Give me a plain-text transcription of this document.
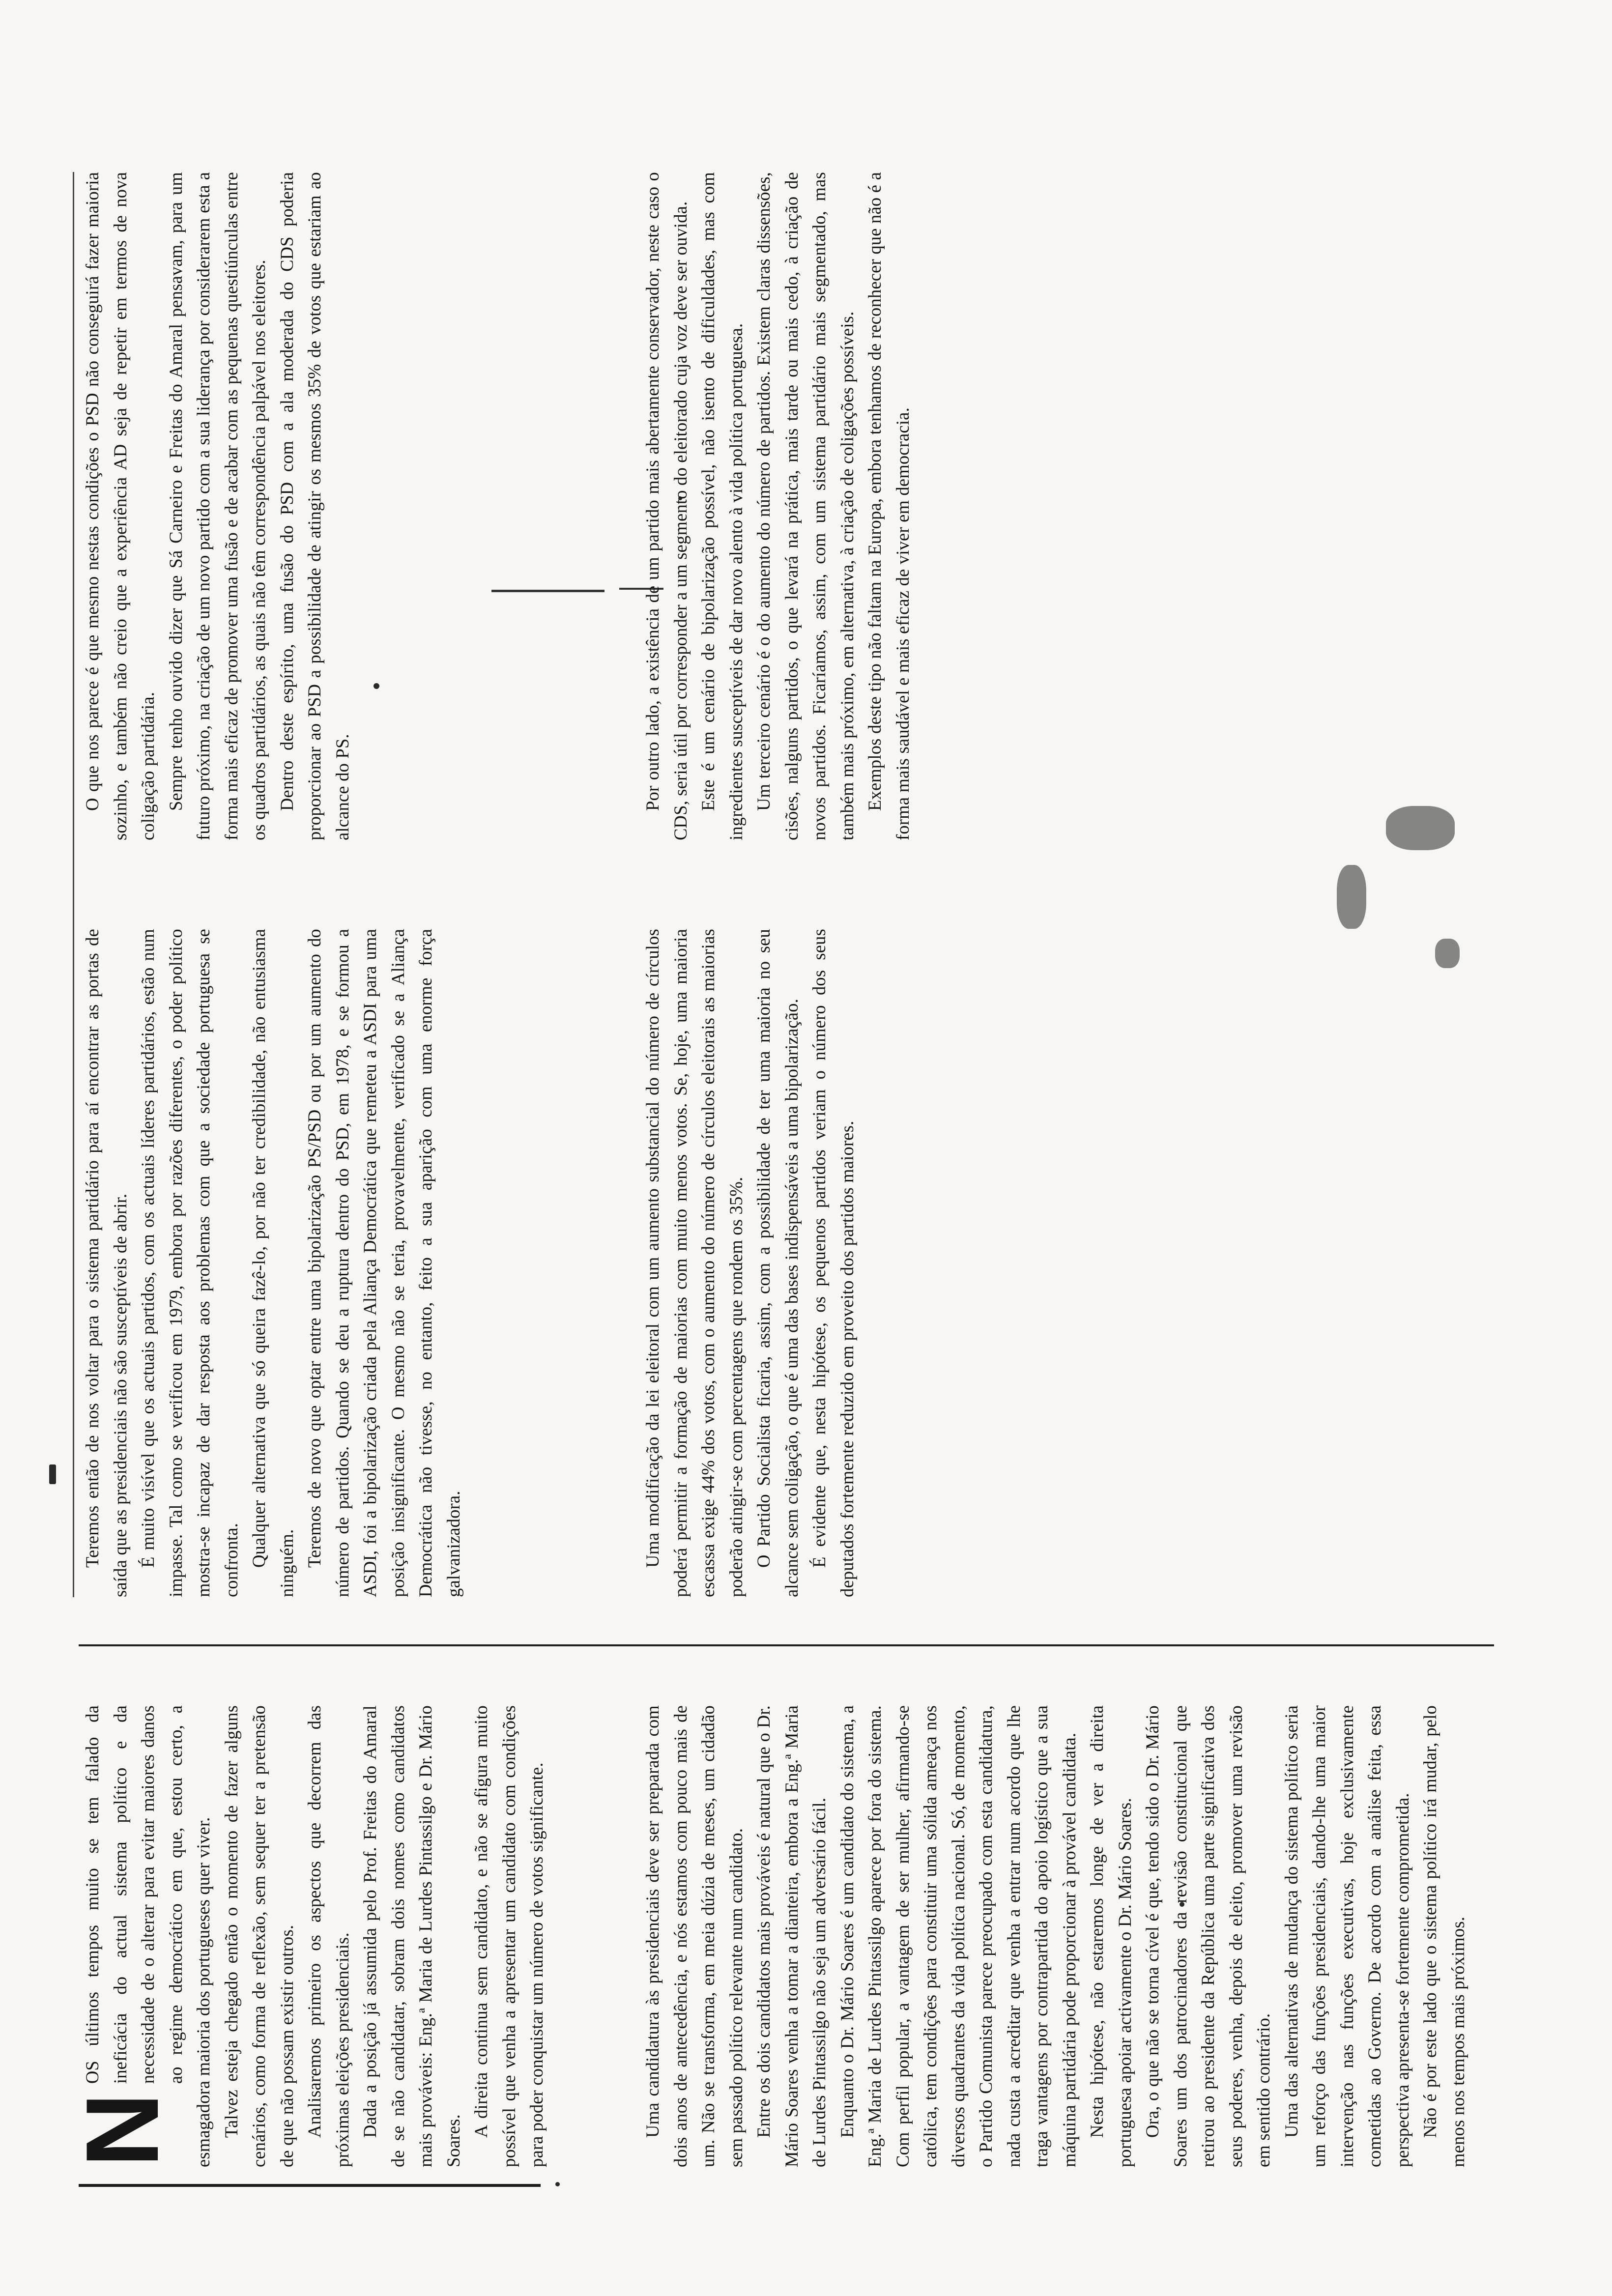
N

OS últimos tempos muito se tem falado da ineficácia do actual sistema político e da necessidade de o alterar para evitar maiores danos ao regime democrático em que, estou certo, a esmagadora maioria dos portugueses quer viver. Talvez esteja chegado então o momento de fazer alguns cenários, como forma de reflexão, sem sequer ter a pretensão de que não possam existir outros. Analisaremos primeiro os aspectos que decorrem das próximas eleições presidenciais. Dada a posição já assumida pelo Prof. Freitas do Amaral de se não candidatar, sobram dois nomes como candidatos mais prováveis: Eng.ª Maria de Lurdes Pintassilgo e Dr. Mário Soares.

A direita continua sem candidato, e não se afigura muito possível que venha a apresentar um candidato com condições para poder conquistar um número de votos significante.	Uma candidatura às presidenciais deve ser preparada com dois anos de antecedência, e nós estamos com pouco mais de um. Não se transforma, em meia dúzia de meses, um cidadão sem passado político relevante num candidato. Entre os dois candidatos mais prováveis é natural que o Dr. Mário Soares venha a tomar a dianteira, embora a Eng.ª Maria de Lurdes Pintassilgo não seja um adversário fácil. Enquanto o Dr. Mário Soares é um candidato do sistema, a Eng.ª Maria de Lurdes Pintassilgo aparece por fora do sistema. Com perfil popular, a vantagem de ser mulher, afirmando-se católica, tem condições para constituir uma sólida ameaça nos diversos quadrantes da vida política nacional. Só, de momento, o Partido Comunista parece preocupado com esta candidatura, nada custa a acreditar que venha a entrar num acordo que lhe traga vantagens por contrapartida do apoio logístico que a sua máquina partidária pode proporcionar à provável candidata. Nesta hipótese, não estaremos longe de ver a direita portuguesa apoiar activamente o Dr. Mário Soares. Ora, o que não se torna cível é que, tendo sido o Dr. Mário Soares um dos patrocinadores da revisão constitucional que retirou ao presidente da República uma parte significativa dos seus poderes, venha, depois de eleito, promover uma revisão em sentido contrário. Uma das alternativas de mudança do sistema político seria um reforço das funções presidenciais, dando-lhe uma maior intervenção nas funções executivas, hoje exclusivamente cometidas ao Governo. De acordo com a análise feita, essa perspectiva apresenta-se fortemente comprometida. Não é por este lado que o sistema político irá mudar, pelo menos nos tempos mais próximos.

Teremos então de nos voltar para o sistema partidário para aí encontrar as portas de saída que as presidenciais não são susceptíveis de abrir. É muito visível que os actuais partidos, com os actuais líderes partidários, estão num impasse. Tal como se verificou em 1979, embora por razões diferentes, o poder político mostra-se incapaz de dar resposta aos problemas com que a sociedade portuguesa se confronta. Qualquer alternativa que só queira fazê-lo, por não ter credibilidade, não entusiasma ninguém. Teremos de novo que optar entre uma bipolarização PS/PSD ou por um aumento do número de partidos. Quando se deu a ruptura dentro do PSD, em 1978, e se formou a ASDI, foi a bipolarização criada pela Aliança Democrática que remeteu a ASDI para uma posição insignificante. O mesmo não se teria, provavelmente, verificado se a Aliança Democrática não tivesse, no entanto, feito a sua aparição com uma enorme força galvanizadora.	Uma modificação da lei eleitoral com um aumento substancial do número de círculos poderá permitir a formação de maiorias com muito menos votos. Se, hoje, uma maioria escassa exige 44% dos votos, com o aumento do número de círculos eleitorais as maiorias poderão atingir-se com percentagens que rondem os 35%. O Partido Socialista ficaria, assim, com a possibilidade de ter uma maioria no seu alcance sem coligação, o que é uma das bases indispensáveis a uma bipolarização. É evidente que, nesta hipótese, os pequenos partidos veriam o número dos seus deputados fortemente reduzido em proveito dos partidos maiores.

O que nos parece é que mesmo nestas condições o PSD não conseguirá fazer maioria sozinho, e também não creio que a experiência AD seja de repetir em termos de nova coligação partidária. Sempre tenho ouvido dizer que Sá Carneiro e Freitas do Amaral pensavam, para um futuro próximo, na criação de um novo partido com a sua liderança por considerarem esta a forma mais eficaz de promover uma fusão e de acabar com as pequenas questiúnculas entre os quadros partidários, as quais não têm correspondência palpável nos eleitores. Dentro deste espírito, uma fusão do PSD com a ala moderada do CDS poderia proporcionar ao PSD a possibilidade de atingir os mesmos 35% de votos que estariam ao alcance do PS.	Por outro lado, a existência de um partido mais abertamente conservador, neste caso o CDS, seria útil por corresponder a um segmento do eleitorado cuja voz deve ser ouvida. Este é um cenário de bipolarização possível, não isento de dificuldades, mas com ingredientes susceptíveis de dar novo alento à vida política portuguesa. Um terceiro cenário é o do aumento do número de partidos. Existem claras dissensões, cisões, nalguns partidos, o que levará na prática, mais tarde ou mais cedo, à criação de novos partidos. Ficaríamos, assim, com um sistema partidário mais segmentado, mas também mais próximo, em alternativa, à criação de coligações possíveis. Exemplos deste tipo não faltam na Europa, embora tenhamos de reconhecer que não é a forma mais saudável e mais eficaz de viver em democracia.
